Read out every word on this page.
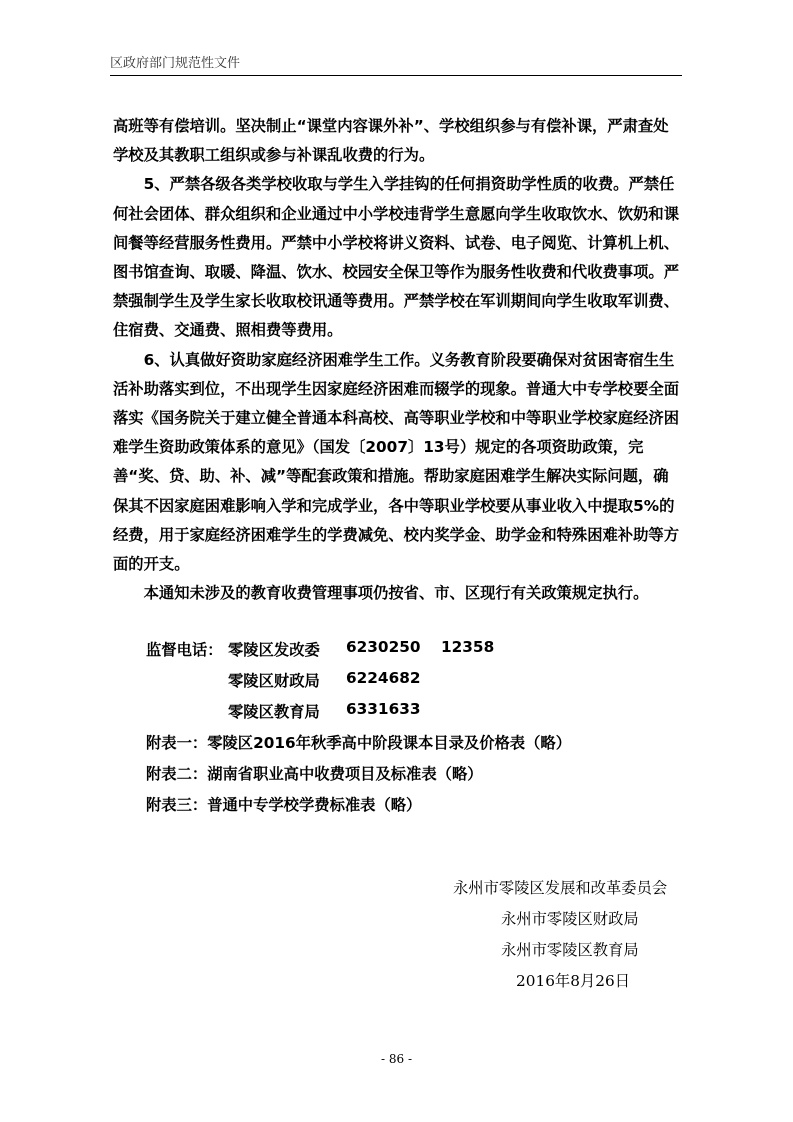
区政府部门规范性文件

高班等有偿培训。坚决制止“课堂内容课外补”、学校组织参与有偿补课，严肃查处学校及其教职工组织或参与补课乱收费的行为。

5、严禁各级各类学校收取与学生入学挂钩的任何捐资助学性质的收费。严禁任何社会团体、群众组织和企业通过中小学校违背学生意愿向学生收取饮水、饮奶和课间餐等经营服务性费用。严禁中小学校将讲义资料、试卷、电子阅览、计算机上机、图书馆查询、取暖、降温、饮水、校园安全保卫等作为服务性收费和代收费事项。严禁强制学生及学生家长收取校讯通等费用。严禁学校在军训期间向学生收取军训费、住宿费、交通费、照相费等费用。

6、认真做好资助家庭经济困难学生工作。义务教育阶段要确保对贫困寄宿生生活补助落实到位，不出现学生因家庭经济困难而辍学的现象。普通大中专学校要全面落实《国务院关于建立健全普通本科高校、高等职业学校和中等职业学校家庭经济困难学生资助政策体系的意见》（国发〔2007〕13号）规定的各项资助政策，完善“奖、贷、助、补、减”等配套政策和措施。帮助家庭困难学生解决实际问题，确保其不因家庭困难影响入学和完成学业，各中等职业学校要从事业收入中提取5%的经费，用于家庭经济困难学生的学费减免、校内奖学金、助学金和特殊困难补助等方面的开支。

本通知未涉及的教育收费管理事项仍按省、市、区现行有关政策规定执行。

监督电话： 零陵区发改委 6230250 12358
零陵区财政局 6224682
零陵区教育局 6331633
附表一：零陵区2016年秋季高中阶段课本目录及价格表（略）
附表二：湖南省职业高中收费项目及标准表（略）
附表三：普通中专学校学费标准表（略）
永州市零陵区发展和改革委员会
永州市零陵区财政局
永州市零陵区教育局
2016年8月26日
- 86 -
